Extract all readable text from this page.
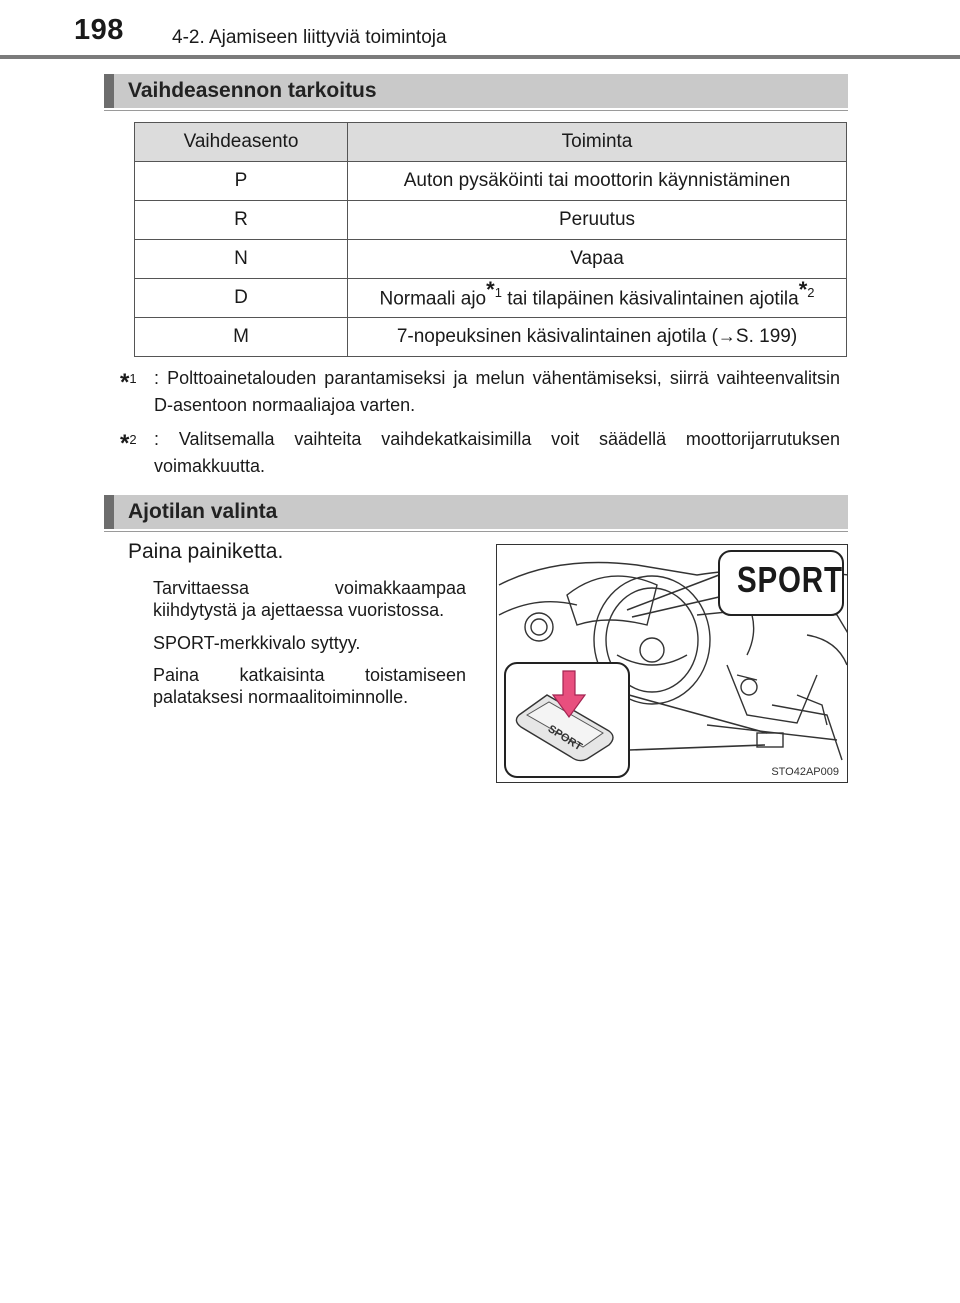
198	4-2. Ajamiseen liittyviä toimintoja
Vaihdeasennon tarkoitus
Vaihdeasento	Toiminta
P	Auton pysäköinti tai moottorin käynnistäminen
R	Peruutus
N	Vapaa
D	Normaali ajo*$^1$ tai tilapäinen käsivalintainen ajotila*$^2$
M	7-nopeuksinen käsivalintainen ajotila (→S. 199)
*$^1$ : Polttoainetalouden parantamiseksi ja melun vähentämiseksi, siirrä vaihteenvalitsin D-asentoon normaaliajoa varten.
*$^2$ : Valitsemalla vaihteita vaihdekatkaisimilla voit säädellä moottorijarrutuksen voimakkuutta.
Ajotilan valinta
Paina painiketta.
Tarvittaessa voimakkaampaa kiihdytystä ja ajettaessa vuoristossa.
SPORT-merkkivalo syttyy.
Paina katkaisinta toistamiseen palataksesi normaalitoiminnolle.
SPORT
SPORT
STO42AP009
